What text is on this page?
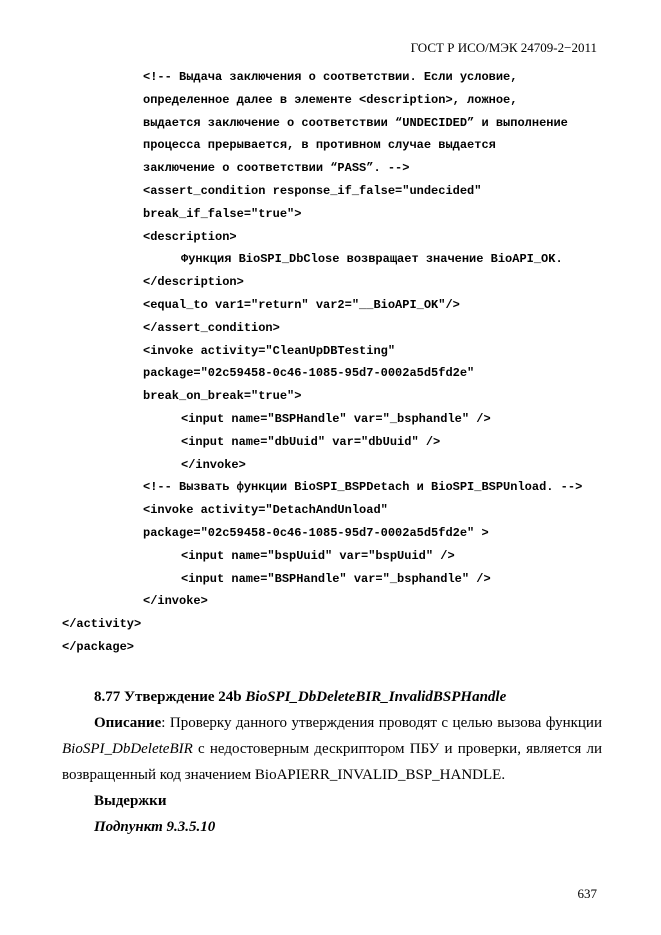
ГОСТ Р ИСО/МЭК 24709-2−2011
<!-- Выдача заключения о соответствии. Если условие,
определенное далее в элементе <description>, ложное,
выдается заключение о соответствии “UNDECIDED” и выполнение
процесса прерывается, в противном случае выдается
заключение о соответствии “PASS”. -->
<assert_condition response_if_false="undecided"
break_if_false="true">
<description>
Функция BioSPI_DbClose возвращает значение BioAPI_OK.
</description>
<equal_to var1="return" var2="__BioAPI_OK"/>
</assert_condition>
<invoke activity="CleanUpDBTesting"
package="02c59458-0c46-1085-95d7-0002a5d5fd2e"
break_on_break="true">
<input name="BSPHandle" var="_bsphandle" />
<input name="dbUuid" var="dbUuid" />
</invoke>
<!-- Вызвать функции BioSPI_BSPDetach и BioSPI_BSPUnload. -->
<invoke activity="DetachAndUnload"
package="02c59458-0c46-1085-95d7-0002a5d5fd2e" >
<input name="bspUuid" var="bspUuid" />
<input name="BSPHandle" var="_bsphandle" />
</invoke>
</activity>
</package>

8.77 Утверждение 24b BioSPI_DbDeleteBIR_InvalidBSPHandle

Описание: Проверку данного утверждения проводят с целью вызова функции BioSPI_DbDeleteBIR с недостоверным дескриптором ПБУ и проверки, является ли возвращенный код значением BioAPIERR_INVALID_BSP_HANDLE.

Выдержки

Подпункт 9.3.5.10

637
